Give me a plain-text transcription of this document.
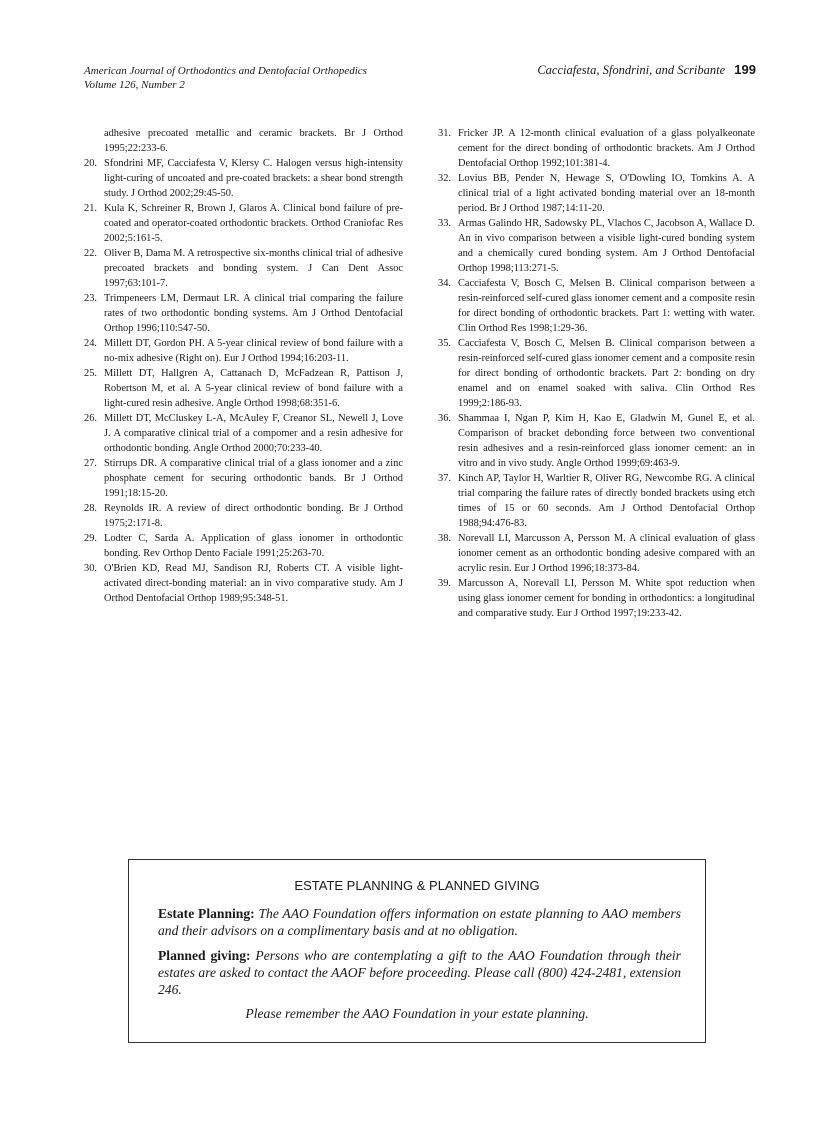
American Journal of Orthodontics and Dentofacial Orthopedics
Volume 126, Number 2
Cacciafesta, Sfondrini, and Scribante 199
adhesive precoated metallic and ceramic brackets. Br J Orthod 1995;22:233-6.
20. Sfondrini MF, Cacciafesta V, Klersy C. Halogen versus high-intensity light-curing of uncoated and pre-coated brackets: a shear bond strength study. J Orthod 2002;29:45-50.
21. Kula K, Schreiner R, Brown J, Glaros A. Clinical bond failure of pre-coated and operator-coated orthodontic brackets. Orthod Craniofac Res 2002;5:161-5.
22. Oliver B, Dama M. A retrospective six-months clinical trial of adhesive precoated brackets and bonding system. J Can Dent Assoc 1997;63:101-7.
23. Trimpeneers LM, Dermaut LR. A clinical trial comparing the failure rates of two orthodontic bonding systems. Am J Orthod Dentofacial Orthop 1996;110:547-50.
24. Millett DT, Gordon PH. A 5-year clinical review of bond failure with a no-mix adhesive (Right on). Eur J Orthod 1994;16:203-11.
25. Millett DT, Hallgren A, Cattanach D, McFadzean R, Pattison J, Robertson M, et al. A 5-year clinical review of bond failure with a light-cured resin adhesive. Angle Orthod 1998;68:351-6.
26. Millett DT, McCluskey L-A, McAuley F, Creanor SL, Newell J, Love J. A comparative clinical trial of a compomer and a resin adhesive for orthodontic bonding. Angle Orthod 2000;70:233-40.
27. Stirrups DR. A comparative clinical trial of a glass ionomer and a zinc phosphate cement for securing orthodontic bands. Br J Orthod 1991;18:15-20.
28. Reynolds IR. A review of direct orthodontic bonding. Br J Orthod 1975;2:171-8.
29. Lodter C, Sarda A. Application of glass ionomer in orthodontic bonding. Rev Orthop Dento Faciale 1991;25:263-70.
30. O'Brien KD, Read MJ, Sandison RJ, Roberts CT. A visible light-activated direct-bonding material: an in vivo comparative study. Am J Orthod Dentofacial Orthop 1989;95:348-51.
31. Fricker JP. A 12-month clinical evaluation of a glass polyalkeonate cement for the direct bonding of orthodontic brackets. Am J Orthod Dentofacial Orthop 1992;101:381-4.
32. Lovius BB, Pender N, Hewage S, O'Dowling IO, Tomkins A. A clinical trial of a light activated bonding material over an 18-month period. Br J Orthod 1987;14:11-20.
33. Armas Galindo HR, Sadowsky PL, Vlachos C, Jacobson A, Wallace D. An in vivo comparison between a visible light-cured bonding system and a chemically cured bonding system. Am J Orthod Dentofacial Orthop 1998;113:271-5.
34. Cacciafesta V, Bosch C, Melsen B. Clinical comparison between a resin-reinforced self-cured glass ionomer cement and a composite resin for direct bonding of orthodontic brackets. Part 1: wetting with water. Clin Orthod Res 1998;1:29-36.
35. Cacciafesta V, Bosch C, Melsen B. Clinical comparison between a resin-reinforced self-cured glass ionomer cement and a composite resin for direct bonding of orthodontic brackets. Part 2: bonding on dry enamel and on enamel soaked with saliva. Clin Orthod Res 1999;2:186-93.
36. Shammaa I, Ngan P, Kim H, Kao E, Gladwin M, Gunel E, et al. Comparison of bracket debonding force between two conventional resin adhesives and a resin-reinforced glass ionomer cement: an in vitro and in vivo study. Angle Orthod 1999;69:463-9.
37. Kinch AP, Taylor H, Warltier R, Oliver RG, Newcombe RG. A clinical trial comparing the failure rates of directly bonded brackets using etch times of 15 or 60 seconds. Am J Orthod Dentofacial Orthop 1988;94:476-83.
38. Norevall LI, Marcusson A, Persson M. A clinical evaluation of glass ionomer cement as an orthodontic bonding adesive compared with an acrylic resin. Eur J Orthod 1996;18:373-84.
39. Marcusson A, Norevall LI, Persson M. White spot reduction when using glass ionomer cement for bonding in orthodontics: a longitudinal and comparative study. Eur J Orthod 1997;19:233-42.
ESTATE PLANNING & PLANNED GIVING
Estate Planning: The AAO Foundation offers information on estate planning to AAO members and their advisors on a complimentary basis and at no obligation.
Planned giving: Persons who are contemplating a gift to the AAO Foundation through their estates are asked to contact the AAOF before proceeding. Please call (800) 424-2481, extension 246.
Please remember the AAO Foundation in your estate planning.
